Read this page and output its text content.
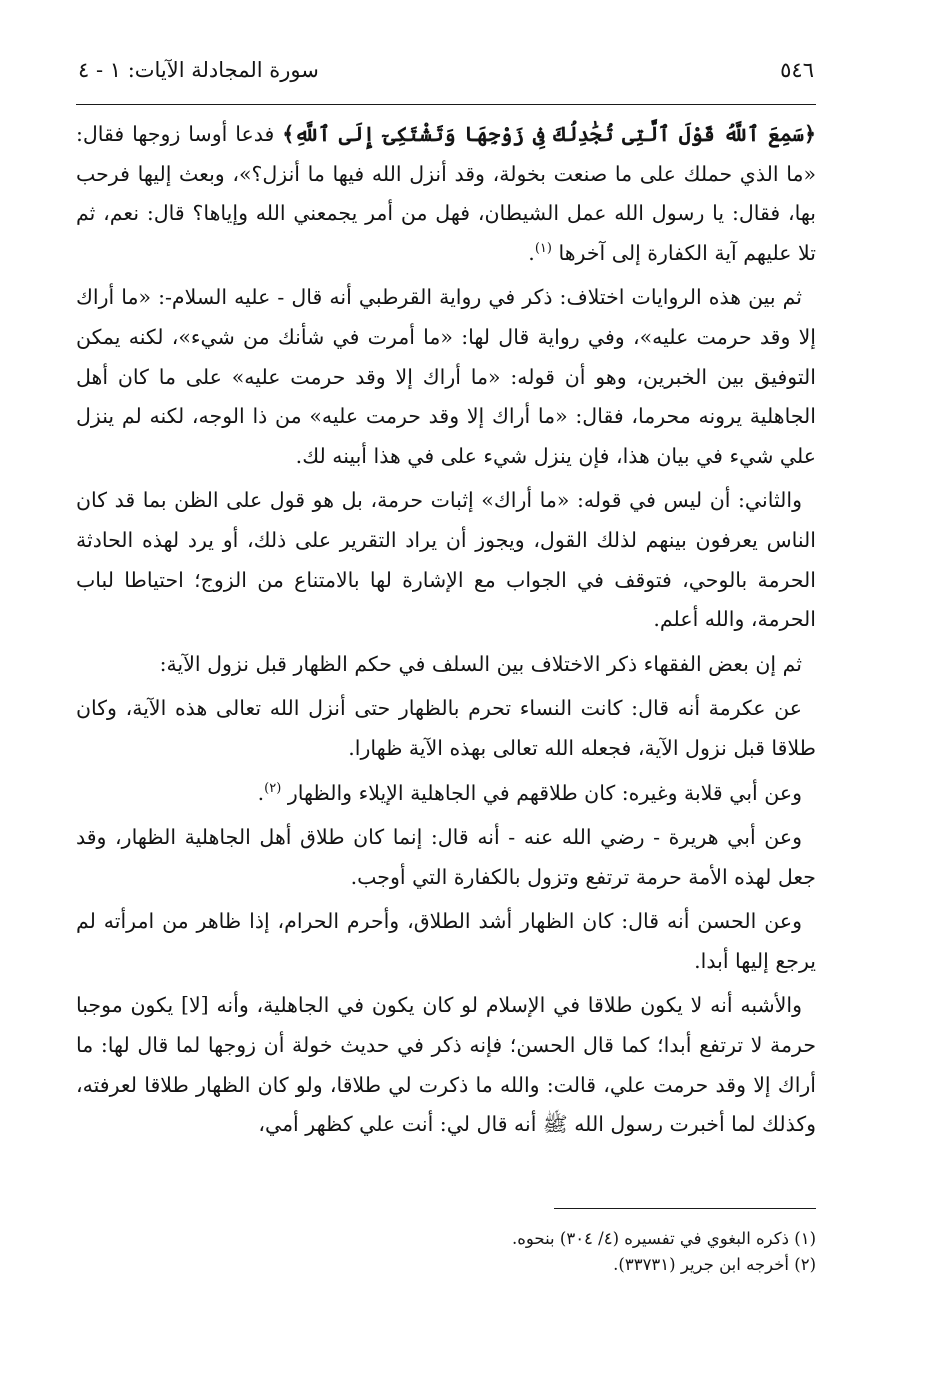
٥٤٦
سورة المجادلة الآيات: ١ - ٤

﴿سَمِعَ ٱللَّهُ قَوْلَ ٱلَّتِى تُجَٰدِلُكَ فِى زَوْجِهَا وَتَشْتَكِىٓ إِلَى ٱللَّهِ﴾ فدعا أوسا زوجها فقال: «ما الذي حملك على ما صنعت بخولة، وقد أنزل الله فيها ما أنزل؟»، وبعث إليها فرحب بها، فقال: يا رسول الله عمل الشيطان، فهل من أمر يجمعني الله وإياها؟ قال: نعم، ثم تلا عليهم آية الكفارة إلى آخرها $^{(١)}$.

ثم بين هذه الروايات اختلاف: ذكر في رواية القرطبي أنه قال - عليه السلام-: «ما أراك إلا وقد حرمت عليه»، وفي رواية قال لها: «ما أمرت في شأنك من شيء»، لكنه يمكن التوفيق بين الخبرين، وهو أن قوله: «ما أراك إلا وقد حرمت عليه» على ما كان أهل الجاهلية يرونه محرما، فقال: «ما أراك إلا وقد حرمت عليه» من ذا الوجه، لكنه لم ينزل علي شيء في بيان هذا، فإن ينزل شيء على في هذا أبينه لك.

والثاني: أن ليس في قوله: «ما أراك» إثبات حرمة، بل هو قول على الظن بما قد كان الناس يعرفون بينهم لذلك القول، ويجوز أن يراد التقرير على ذلك، أو يرد لهذه الحادثة الحرمة بالوحي، فتوقف في الجواب مع الإشارة لها بالامتناع من الزوج؛ احتياطا لباب الحرمة، والله أعلم.

ثم إن بعض الفقهاء ذكر الاختلاف بين السلف في حكم الظهار قبل نزول الآية:

عن عكرمة أنه قال: كانت النساء تحرم بالظهار حتى أنزل الله تعالى هذه الآية، وكان طلاقا قبل نزول الآية، فجعله الله تعالى بهذه الآية ظهارا.

وعن أبي قلابة وغيره: كان طلاقهم في الجاهلية الإيلاء والظهار $^{(٢)}$.

وعن أبي هريرة - رضي الله عنه - أنه قال: إنما كان طلاق أهل الجاهلية الظهار، وقد جعل لهذه الأمة حرمة ترتفع وتزول بالكفارة التي أوجب.

وعن الحسن أنه قال: كان الظهار أشد الطلاق، وأحرم الحرام، إذا ظاهر من امرأته لم يرجع إليها أبدا.

والأشبه أنه لا يكون طلاقا في الإسلام لو كان يكون في الجاهلية، وأنه [لا] يكون موجبا حرمة لا ترتفع أبدا؛ كما قال الحسن؛ فإنه ذكر في حديث خولة أن زوجها لما قال لها: ما أراك إلا وقد حرمت علي، قالت: والله ما ذكرت لي طلاقا، ولو كان الظهار طلاقا لعرفته، وكذلك لما أخبرت رسول الله ﷺ أنه قال لي: أنت علي كظهر أمي،

(١) ذكره البغوي في تفسيره (٤/ ٣٠٤) بنحوه.

(٢) أخرجه ابن جرير (٣٣٧٣١).
